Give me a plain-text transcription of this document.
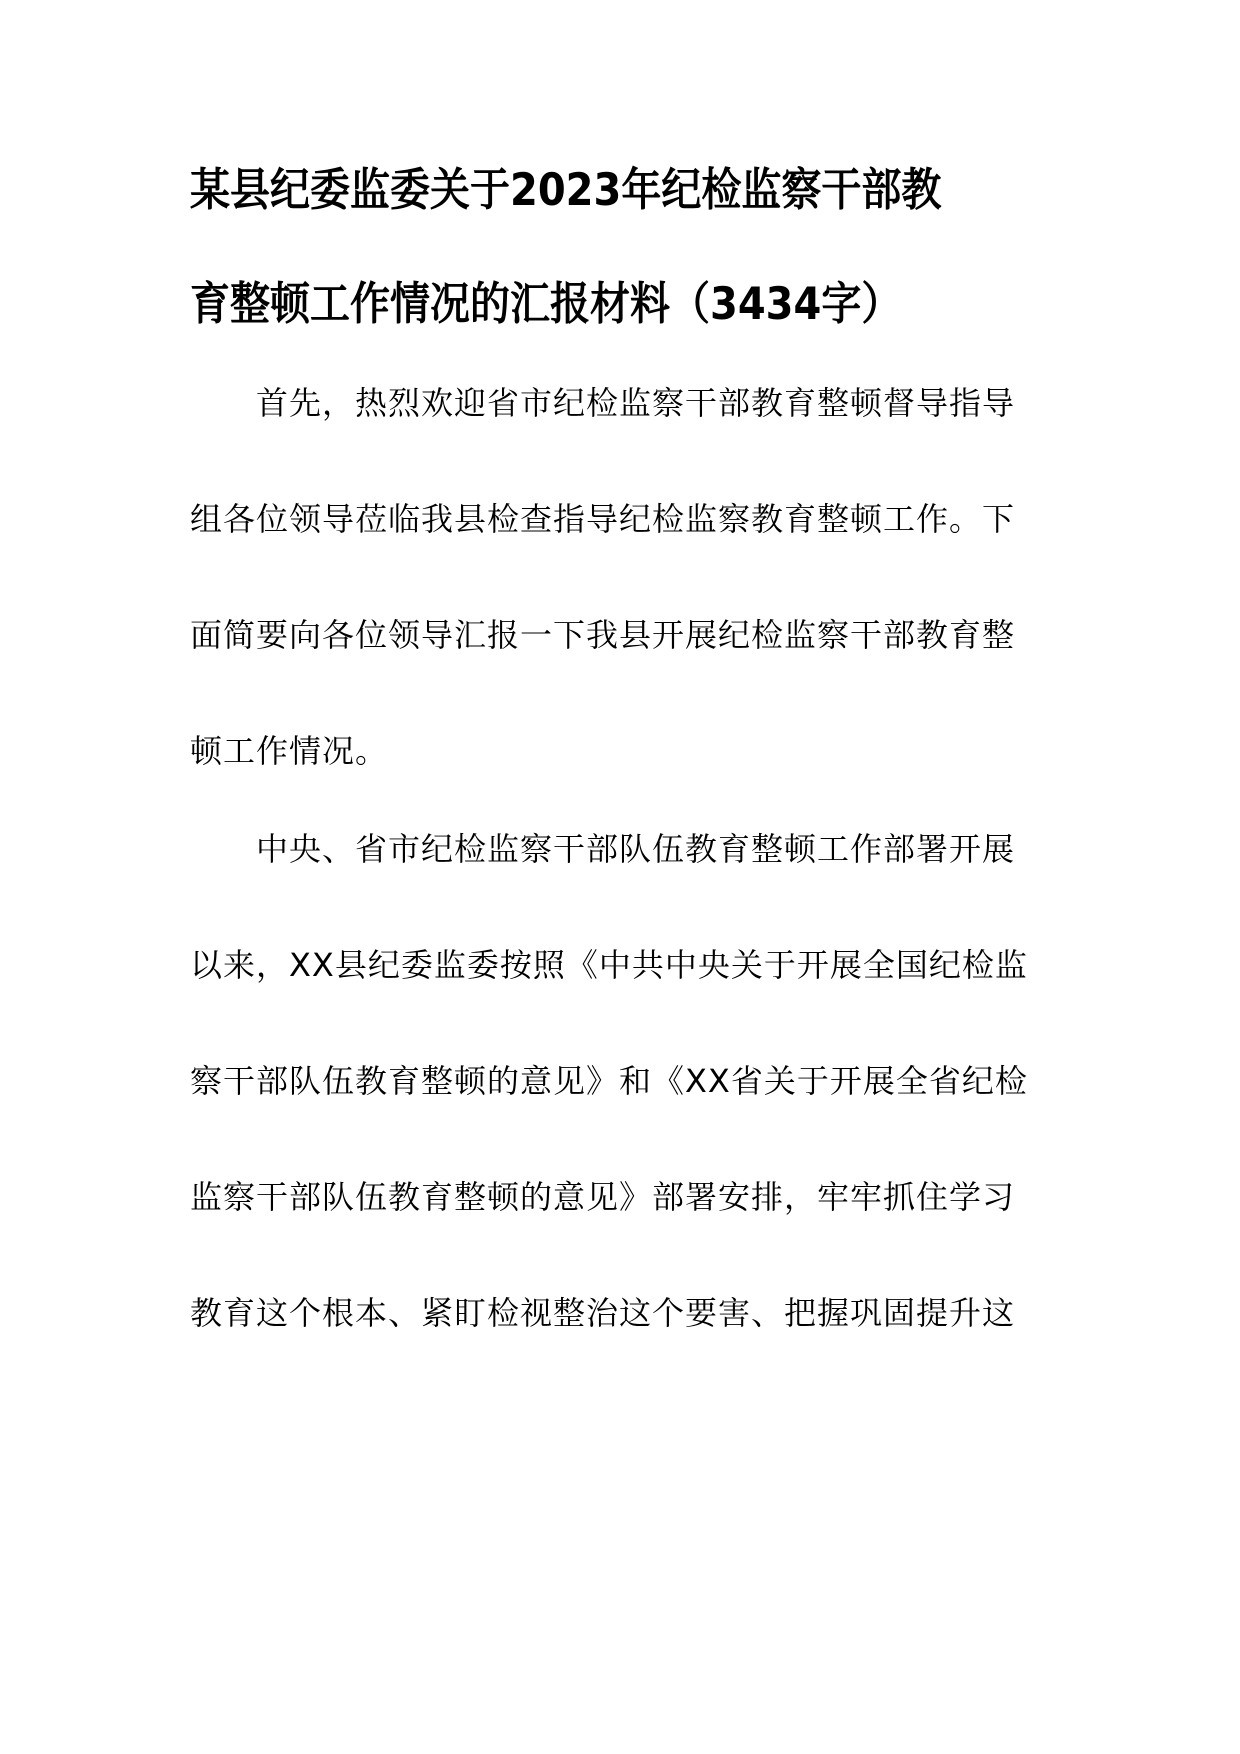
某县纪委监委关于2023年纪检监察干部教
育整顿工作情况的汇报材料（3434字）
　　首先，热烈欢迎省市纪检监察干部教育整顿督导指导
组各位领导莅临我县检查指导纪检监察教育整顿工作。下
面简要向各位领导汇报一下我县开展纪检监察干部教育整
顿工作情况。
　　中央、省市纪检监察干部队伍教育整顿工作部署开展
以来，XX县纪委监委按照《中共中央关于开展全国纪检监
察干部队伍教育整顿的意见》和《XX省关于开展全省纪检
监察干部队伍教育整顿的意见》部署安排，牢牢抓住学习
教育这个根本、紧盯检视整治这个要害、把握巩固提升这
